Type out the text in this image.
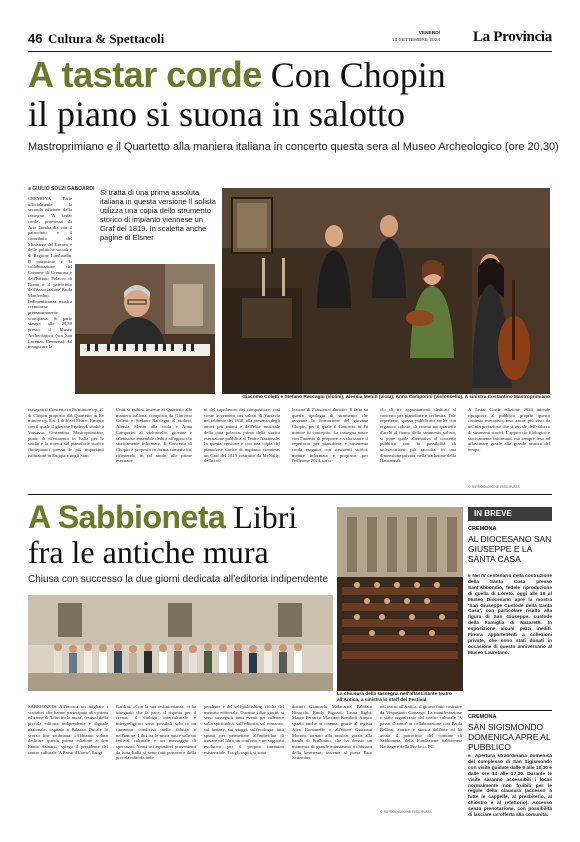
46 Cultura & Spettacoli	VENERDÌ
13 SETTEMBRE 2024 La Provincia
A tastar corde Con Chopin
il piano si suona in salotto
Mastroprimiano e il Quartetto alla maniera italiana in concerto questa sera al Museo Archeologico (ore 20,30)
■ GIULIO SOLZI GABOARDI
CREMONA Parte ufficialmente la seconda edizione della rassegna 'A tastar corde', promossa da Arte Lombardia con il patrocinio e il contributo del Ministero del Lavoro e delle politiche sociali e di Regione Lombardia. Il patrocinio e la collaborazione del Comune di Cremona e dell'Istituto Polacco di Roma e il patrocinio dell'Associazione Paola Manfredini. Indimenticanza musica cremonese prematuramente scomparsa. Si parte stasera alle 20,30 presso il Museo Archeologico (via San Lorenzo, Cremona). Ad inaugurare la
Si tratta di una prima assoluta italiana in questa versione Il solista utilizza una copia dello strumento storico di impianto viennese un Graf del 1819. In scaletta anche pagine di Elsner
Giacomo Coletti e Stefano Raccagni (violini), Alessia Menin (viola), Anna Camporini (violoncello). A sinistra Costantino Mastroprimiano
rassegna il Concerto in Fa minore op. 21 di Chopin proposto dal Quartetto in Re minore op. 8 n. 1 di Józef Elsner. Ernesto con il quale il giovane Fryderyk studiò a Varsavia. Costantino Mastroprimiano, punto di riferimento in Italia per lo studio e la ricerca sul pianoforte storico (fortepiano) presso le più importanti istituzioni in Europa e negli Stati
Uniti si esibirà insieme al Quartetto alla maniera italiana, composto da Giacomo Coletti e Stefano Raccagni al violino, Alessia Menin alla viola e Anna Camporini al violoncello, giovane e talentuoso ensemble dedito all'approccio storicamente informato. Il Concerto di Chopin è proposto in forma cameristica, riflettendo, in tal modo, alle prime esecuzio-
ni del capolavoro del compositore, così come avvennero nei salotti di Varsavia nel febbraio del 1830, alla presenza degli amici più intimi e dell'élite musicale della città polacca, prima della storica esecuzione pubblica al Teatro Nazionale. In questa versione e con una copia del pianoforte storico di impianto viennese, un Graf del 1819 costruito da McNulty, della col-
lezione di Francesco Zanotto. Il fatto su questa tipologia di strumento che avvenne la formazione del giovane Chopin, per il quale il Concerto in Fa minore fu concepito. La rassegna nasce con l'intento di proporre e valorizzare il repertorio per pianoforte e strumenta corda eseguito con strumenti storici, mentre informata e proposto, per l'edizione 2024, un ci-
clo di tre appuntamenti dedicati al concerto per pianoforte e orchestra. Tale repertorio, spesso pubblicato anche con organico ridotto, di norma un quartetto d'archi al fianco dello strumento solista, si pone quale alternativa al concerto pubblico con la possibilità di un'esecuzione più raccolta, in una dimensione privata, nella tradizione della Hausmusik.
A Tastar Corde edizione 2024 intende riproporre al pubblico proprio questo contesto esecutivo, reso ancor più vivo da un'interpretazione che si avvale dell'utilizzo di strumenti storici. L'approccio filologico e storicamente informato, ma sempre teso ad affascinare grazie alla grande musica del tempo.
© RIPRODUZIONE RISERVATA
A Sabbioneta Libri
fra le antiche mura
Chiusa con successo la due giorni dedicata all'editoria indipendente
La chiusura della rassegna nell'affascinante teatro all'Antica, a sinistra lo staff del Festival
SABBIONETA All'incirca un migliaio i visitatori che hanno partecipato alla prima edizione di 'Libri tra le mura', festival della piccola editoria indipendente e digitale nazionale, ospitata a Palazzo Ducale lo scorso fine settimana. «Abbiamo voluto dedicare questa prima edizione a don Ennio Asinari», spiega il presidente del centro culturale 'A Passo d'Uomo', Luigi
Gardini. «Con la sua testimonianza, ci ha insegnato che la pace, il rispetto per il creato, il dialogo interculturale e intergreligioso sono possibili solo in un cammino condiviso nella fiducia e nell'amore. Libri tra le mura nasce solo un festival culturale e un messaggio di speranza». Venti sei espositori provenienti da tutta Italia si sono fatti portavoce della piccola editoria indi-
pendente e del self-publishing, ricche del mercato editoriale. Durante i due giorni, si sono susseguiti tanti eventi per riflettere sulla spiritualità, sull'editoria, sul romanzo, sul fantasy, sui viaggi, sull'ecologia: tutti spunti per permettere all'individuo di trovare nel libro un conforto e un supporto evolutivo per il proprio cammino esistenziale. Tra gli ospiti, si sono
distinti Giancarlo Malacarne, Fabrizio Binacchi, Emily Pigozzi, Laura Righi, Mauro Ferrari e Massimo Bondioli. Ampio spazio anche ai cinema, grazie al regista Alex Romanello e all'attore Giacomo Moroni, tornato alla musica, grazie alla banda di Pralboino, che ha donato un momento di grande entusiasmo a chiusura della kermesse, assieme al poeta Ezio Settembri,
nel teatro all'Antica, il giorno fatto costruire da Vespasiano Gonzaga. La manifestazione è stato organizzato dal centro culturale 'A passo d'uomo' in collaborazione con Paola Belloni, autrice e storica dell'arte ed ha avuto il patrocinio del comune di Sabbioneta, della Fondazione Sabbioneta Heritage e della Pro loco. PC
© RIPRODUZIONE RISERVATA
IN BREVE
CREMONA
AL DIOCESANO SAN GIUSEPPE E LA SANTA CASA
■ Nel IV centenario della costruzione della Santa Casa presso Sant'Abbondio, fedele riproduzione di quella di Loreto, oggi alle 18 al Museo Diocesano apre la mostra 'San Giuseppe Custode della Santa Casa', con particolare risalto alla figura di San Giuseppe, custode della Famiglia di Nazareth. In esposizione alcuni pezzi inediti. Finora appartenenti a collezioni private, che sono stati donati in occasione di questo anniversario al Museo Lauretano.
CREMONA
SAN SIGISMONDO DOMENICA APRE AL PUBBLICO
■ Apertura straordinaria domenica del complesso di San Sigismondo con visite guidate dalle 9 alle 10,30 e dalle ore 14 alle 17,30. Durante le visite saranno accessibili i locali normalmente non fruibili per le regole della clausura (accesso a tutte le cappelle, al presbiterio, al chiostro e al refettorio). Accesso senza prenotazione, con possibilità di lasciare un'offerta alla comunità.
